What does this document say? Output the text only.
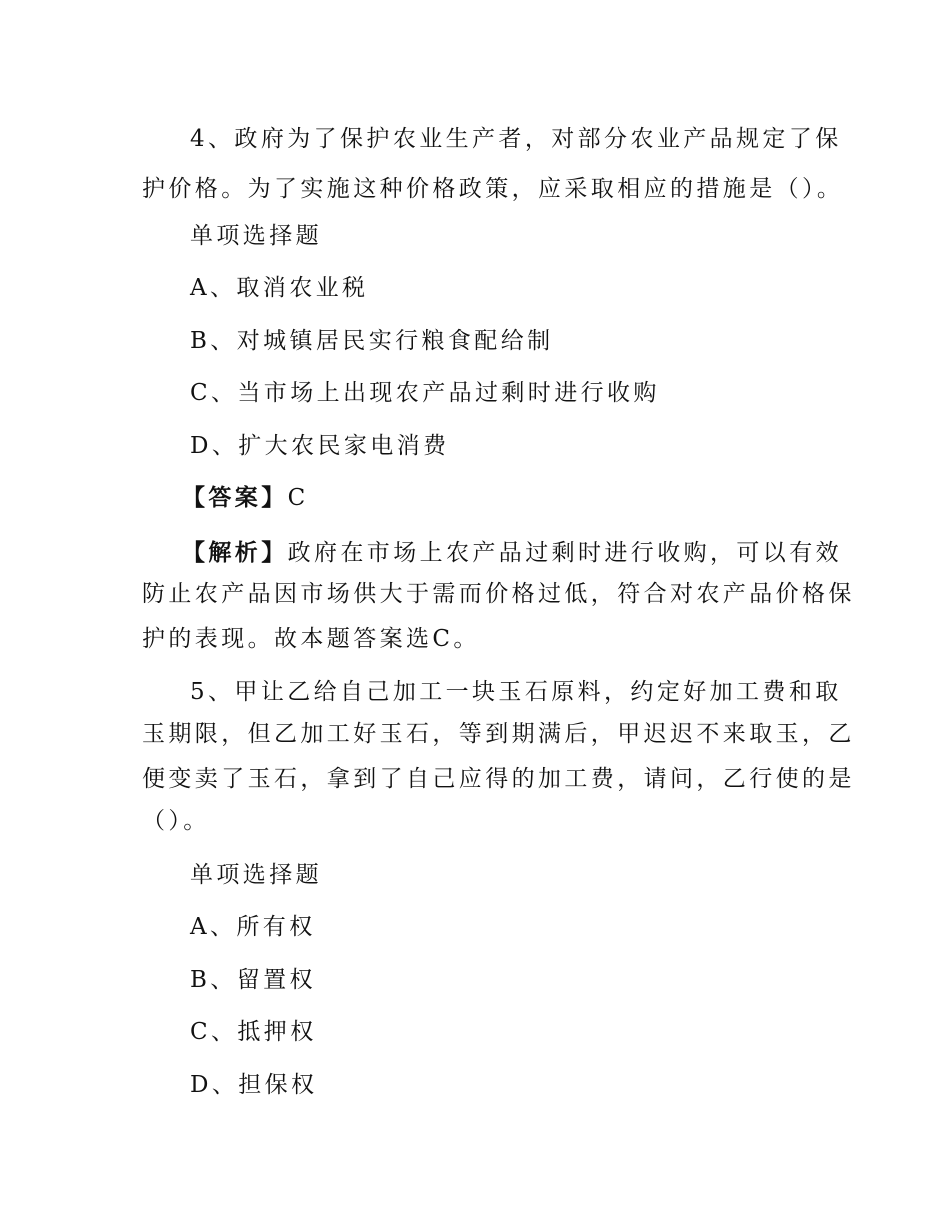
4、政府为了保护农业生产者，对部分农业产品规定了保
护价格。为了实施这种价格政策，应采取相应的措施是（）。
单项选择题
A、取消农业税
B、对城镇居民实行粮食配给制
C、当市场上出现农产品过剩时进行收购
D、扩大农民家电消费
【答案】C
【解析】政府在市场上农产品过剩时进行收购，可以有效
防止农产品因市场供大于需而价格过低，符合对农产品价格保
护的表现。故本题答案选C。
5、甲让乙给自己加工一块玉石原料，约定好加工费和取
玉期限，但乙加工好玉石，等到期满后，甲迟迟不来取玉，乙
便变卖了玉石，拿到了自己应得的加工费，请问，乙行使的是
（）。
单项选择题
A、所有权
B、留置权
C、抵押权
D、担保权
